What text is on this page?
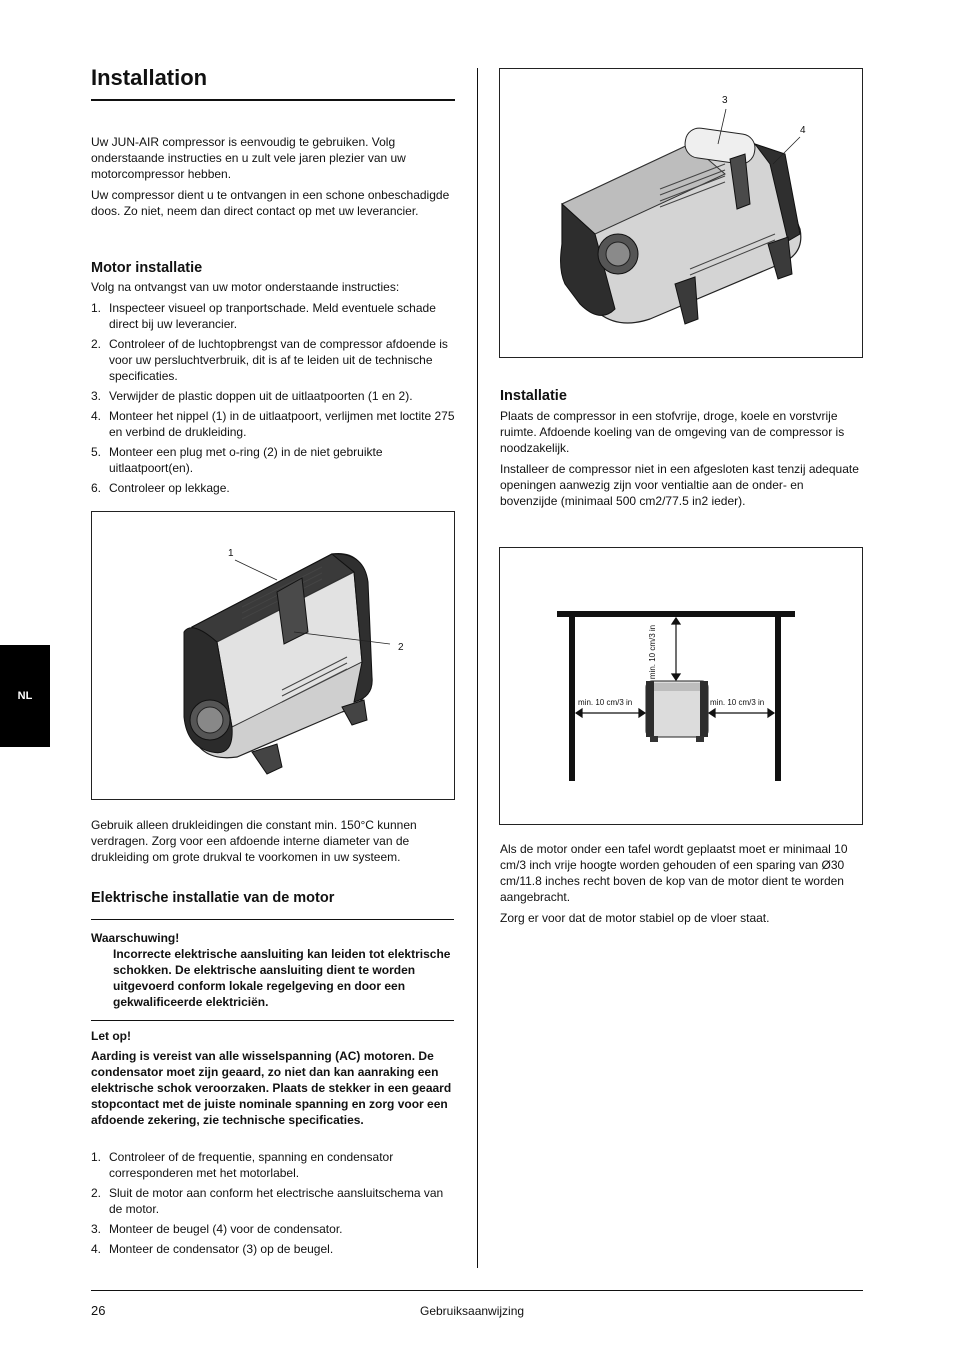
Installation

Uw JUN-AIR compressor is eenvoudig te gebruiken. Volg onderstaande instructies en u zult vele jaren plezier van uw motorcompressor hebben.

Uw compressor dient u te ontvangen in een schone onbeschadigde doos. Zo niet, neem dan direct contact op met uw leverancier.

Motor installatie

Volg na ontvangst van uw motor onderstaande instructies:

1. Inspecteer visueel op tranportschade. Meld eventuele schade direct bij uw leverancier.
2. Controleer of de luchtopbrengst van de compressor afdoende is voor uw persluchtverbruik, dit is af te leiden uit de technische specificaties.
3. Verwijder de plastic doppen uit de uitlaatpoorten (1 en 2).
4. Monteer het nippel (1) in de uitlaatpoort, verlijmen met loctite 275 en verbind de drukleiding.
5. Monteer een plug met o-ring (2) in de niet gebruikte uitlaatpoort(en).
6. Controleer op lekkage.
1
2

Gebruik alleen drukleidingen die constant min. 150°C kunnen verdragen. Zorg voor een afdoende interne diameter van de drukleiding om grote drukval te voorkomen in uw systeem.

Elektrische installatie van de motor

Waarschuwing!

Incorrecte elektrische aansluiting kan leiden tot elektrische schokken. De elektrische aansluiting dient te worden uitgevoerd conform lokale regelgeving en door een gekwalificeerde elektriciën.

Let op!

Aarding is vereist van alle wisselspanning (AC) motoren. De condensator moet zijn geaard, zo niet dan kan aanraking een elektrische schok veroorzaken. Plaats de stekker in een geaard stopcontact met de juiste nominale spanning en zorg voor een afdoende zekering, zie technische specificaties.

1. Controleer of de frequentie, spanning en condensator corresponderen met het motorlabel.
2. Sluit de motor aan conform het electrische aansluitschema van de motor.
3. Monteer de beugel (4) voor de condensator.
4. Monteer de condensator (3) op de beugel.
3
4
Installatie

Plaats de compressor in een stofvrije, droge, koele en vorstvrije ruimte. Afdoende koeling van de omgeving van de compressor is noodzakelijk.

Installeer de compressor niet in een afgesloten kast tenzij adequate openingen aanwezig zijn voor ventialtie aan de onder- en bovenzijde (minimaal 500 cm2/77.5 in2 ieder).

min. 10 cm/3 in	min. 10 cm/3 in
min. 10 cm/3 in

Als de motor onder een tafel wordt geplaatst moet er minimaal 10 cm/3 inch vrije hoogte worden gehouden of een sparing van Ø30 cm/11.8 inches recht boven de kop van de motor dient te worden aangebracht.

Zorg er voor dat de motor stabiel op de vloer staat.

NL
26	Gebruiksaanwijzing
